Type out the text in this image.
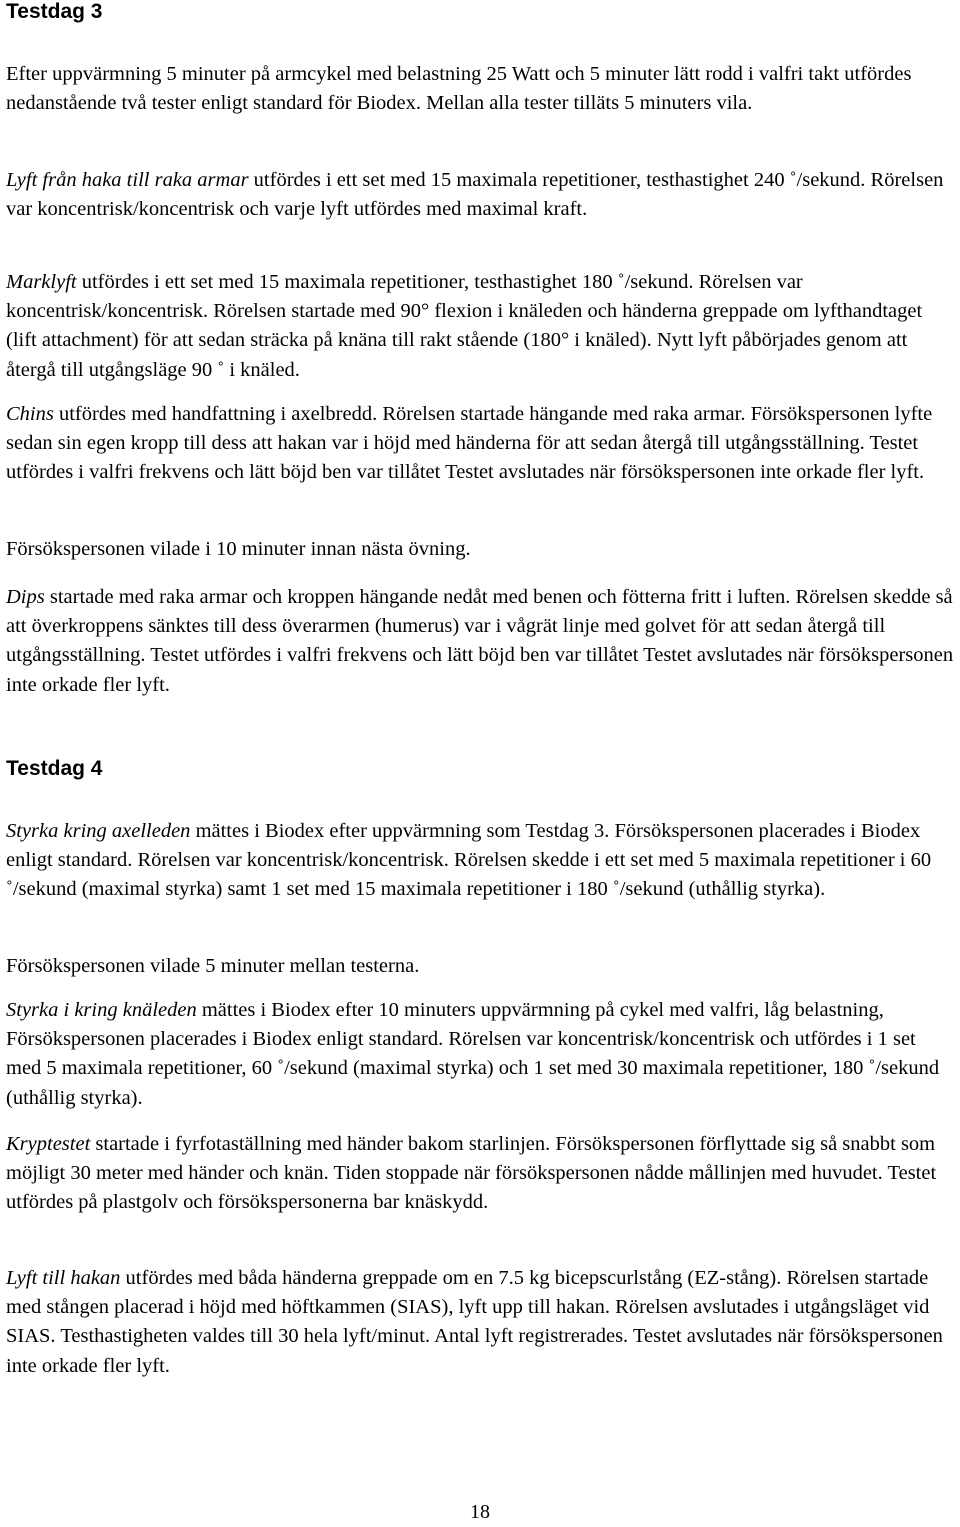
Testdag 3

Efter uppvärmning 5 minuter på armcykel med belastning 25 Watt och 5 minuter lätt rodd i valfri takt utfördes nedanstående två tester enligt standard för Biodex. Mellan alla tester tilläts 5 minuters vila.

Lyft från haka till raka armar utfördes i ett set med 15 maximala repetitioner, testhastighet 240 ˚/sekund. Rörelsen var koncentrisk/koncentrisk och varje lyft utfördes med maximal kraft.

Marklyft utfördes i ett set med 15 maximala repetitioner, testhastighet 180 ˚/sekund. Rörelsen var koncentrisk/koncentrisk. Rörelsen startade med 90° flexion i knäleden och händerna greppade om lyfthandtaget (lift attachment) för att sedan sträcka på knäna till rakt stående (180° i knäled). Nytt lyft påbörjades genom att återgå till utgångsläge 90 ˚ i knäled.

Chins utfördes med handfattning i axelbredd. Rörelsen startade hängande med raka armar. Försökspersonen lyfte sedan sin egen kropp till dess att hakan var i höjd med händerna för att sedan återgå till utgångsställning. Testet utfördes i valfri frekvens och lätt böjd ben var tillåtet Testet avslutades när försökspersonen inte orkade fler lyft.

Försökspersonen vilade i 10 minuter innan nästa övning.

Dips startade med raka armar och kroppen hängande nedåt med benen och fötterna fritt i luften. Rörelsen skedde så att överkroppens sänktes till dess överarmen (humerus) var i vågrät linje med golvet för att sedan återgå till utgångsställning. Testet utfördes i valfri frekvens och lätt böjd ben var tillåtet Testet avslutades när försökspersonen inte orkade fler lyft.

Testdag 4

Styrka kring axelleden mättes i Biodex efter uppvärmning som Testdag 3. Försökspersonen placerades i Biodex enligt standard. Rörelsen var koncentrisk/koncentrisk. Rörelsen skedde i ett set med 5 maximala repetitioner i 60 ˚/sekund (maximal styrka) samt 1 set med 15 maximala repetitioner i 180 ˚/sekund (uthållig styrka).

Försökspersonen vilade 5 minuter mellan testerna.

Styrka i kring knäleden mättes i Biodex efter 10 minuters uppvärmning på cykel med valfri, låg belastning, Försökspersonen placerades i Biodex enligt standard. Rörelsen var koncentrisk/koncentrisk och utfördes i 1 set med 5 maximala repetitioner, 60 ˚/sekund (maximal styrka) och 1 set med 30 maximala repetitioner, 180 ˚/sekund (uthållig styrka).

Kryptestet startade i fyrfotaställning med händer bakom starlinjen. Försökspersonen förflyttade sig så snabbt som möjligt 30 meter med händer och knän. Tiden stoppade när försökspersonen nådde mållinjen med huvudet. Testet utfördes på plastgolv och försökspersonerna bar knäskydd.

Lyft till hakan utfördes med båda händerna greppade om en 7.5 kg bicepscurlstång (EZ-stång). Rörelsen startade med stången placerad i höjd med höftkammen (SIAS), lyft upp till hakan. Rörelsen avslutades i utgångsläget vid SIAS. Testhastigheten valdes till 30 hela lyft/minut. Antal lyft registrerades. Testet avslutades när försökspersonen inte orkade fler lyft.

18
